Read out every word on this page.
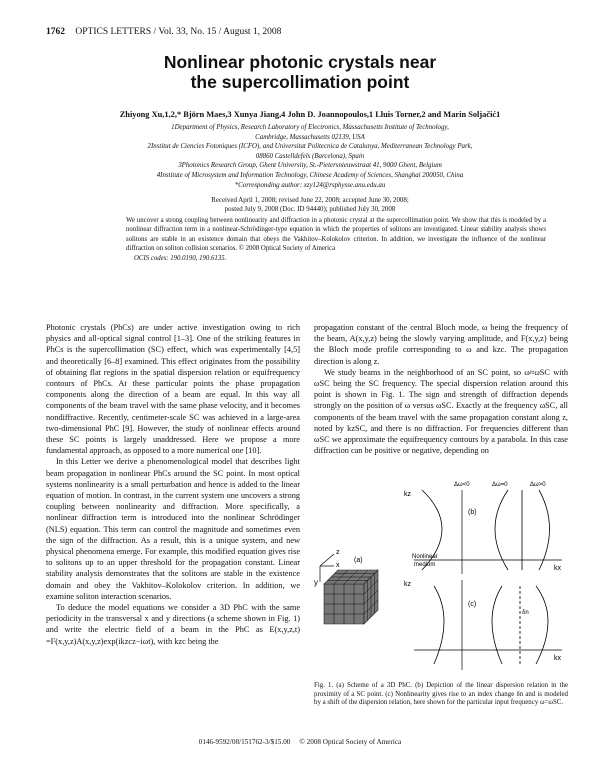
1762 OPTICS LETTERS / Vol. 33, No. 15 / August 1, 2008
Nonlinear photonic crystals near
the supercollimation point
Zhiyong Xu,1,2,* Björn Maes,3 Xunya Jiang,4 John D. Joannopoulos,1 Lluis Torner,2 and Marin Soljačić1
1Department of Physics, Research Laboratory of Electronics, Massachusetts Institute of Technology,
Cambridge, Massachusetts 02139, USA
2Institut de Ciencies Fotoniques (ICFO), and Universitat Politecnica de Catalunya, Mediterranean Technology Park,
08860 Castelldefels (Barcelona), Spain
3Photonics Research Group, Ghent University, St.-Pietersnieuwstraat 41, 9000 Ghent, Belgium
4Institute of Microsystem and Information Technology, Chinese Academy of Sciences, Shanghai 200050, China
*Corresponding author: xzy124@rsphysse.anu.edu.au
Received April 1, 2008; revised June 22, 2008; accepted June 30, 2008;
posted July 9, 2008 (Doc. ID 94440); published July 30, 2008
We uncover a strong coupling between nonlinearity and diffraction in a photonic crystal at the supercollimation point. We show that this is modeled by a nonlinear diffraction term in a nonlinear-Schrödinger-type equation in which the properties of solitons are investigated. Linear stability analysis shows solitons are stable in an existence domain that obeys the Vakhitov–Kolokolov criterion. In addition, we investigate the influence of the nonlinear diffraction on soliton collision scenarios. © 2008 Optical Society of America
OCIS codes: 190.0190, 190.6135.

Photonic crystals (PhCs) are under active investigation owing to rich physics and all-optical signal control [1–3]. One of the striking features in PhCs is the supercollimation (SC) effect, which was experimentally [4,5] and theoretically [6–8] examined. This effect originates from the possibility of obtaining flat regions in the spatial dispersion relation or equifrequency contours of PhCs. At these particular points the phase propagation components along the direction of a beam are equal. In this way all components of the beam travel with the same phase velocity, and it becomes nondiffractive. Recently, centimeter-scale SC was achieved in a large-area two-dimensional PhC [9]. However, the study of nonlinear effects around these SC points is largely unaddressed. Here we propose a more fundamental approach, as opposed to a more numerical one [10].

In this Letter we derive a phenomenological model that describes light beam propagation in nonlinear PhCs around the SC point. In most optical systems nonlinearity is a small perturbation and hence is added to the linear equation of motion. In contrast, in the current system one uncovers a strong coupling between nonlinearity and diffraction. More specifically, a nonlinear diffraction term is introduced into the nonlinear Schrödinger (NLS) equation. This term can control the magnitude and sometimes even the sign of the diffraction. As a result, this is a unique system, and new physical phenomena emerge. For example, this modified equation gives rise to solitons up to an upper threshold for the propagation constant. Linear stability analysis demonstrates that the solitons are stable in the existence domain and obey the Vakhitov–Kolokolov criterion. In addition, we examine soliton interaction scenarios.

To deduce the model equations we consider a 3D PhC with the same periodicity in the transversal x and y directions (a scheme shown in Fig. 1) and write the electric field of a beam in the PhC as E(x,y,z,t) =F(x,y,z)A(x,y,z)exp(ikzcz−iωt), with kzc being the

propagation constant of the central Bloch mode, ω being the frequency of the beam, A(x,y,z) being the slowly varying amplitude, and F(x,y,z) being the Bloch mode profile corresponding to ω and kzc. The propagation direction is along z.

We study beams in the neighborhood of an SC point, so ω≈ωSC with ωSC being the SC frequency. The special dispersion relation around this point is shown in Fig. 1. The sign and strength of diffraction depends strongly on the position of ω versus ωSC. Exactly at the frequency ωSC, all components of the beam travel with the same propagation constant along z, noted by kzSC, and there is no diffraction. For frequencies different than ωSC we approximate the equifrequency contours by a parabola. In this case diffraction can be positive or negative, depending on

y
z
x
(a)
Δω<0	Δω=0	Δω>0
kz
kx
(b)
Nonlinear
medium
kz
kx
(c)
δn
Fig. 1. (a) Scheme of a 3D PhC. (b) Depiction of the linear dispersion relation in the proximity of a SC point. (c) Nonlinearity gives rise to an index change δn and is modeled by a shift of the dispersion relation, here shown for the particular input frequency ω=ωSC.
0146-9592/08/151762-3/$15.00 © 2008 Optical Society of America
